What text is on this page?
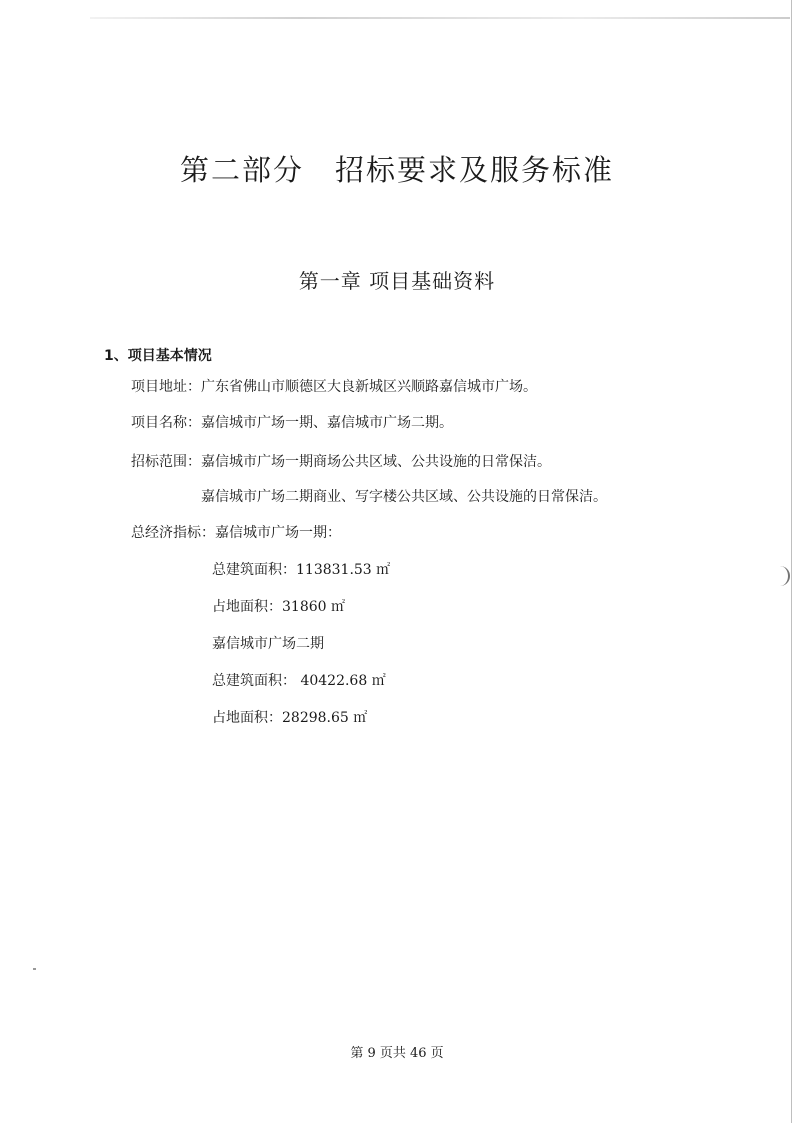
第二部分　招标要求及服务标准
第一章 项目基础资料
1、项目基本情况
项目地址：广东省佛山市顺德区大良新城区兴顺路嘉信城市广场。
项目名称：嘉信城市广场一期、嘉信城市广场二期。
招标范围：嘉信城市广场一期商场公共区域、公共设施的日常保洁。
嘉信城市广场二期商业、写字楼公共区域、公共设施的日常保洁。
总经济指标：嘉信城市广场一期：
总建筑面积：113831.53 ㎡
占地面积：31860 ㎡
嘉信城市广场二期
总建筑面积： 40422.68 ㎡
占地面积：28298.65 ㎡
第 9 页共 46 页
